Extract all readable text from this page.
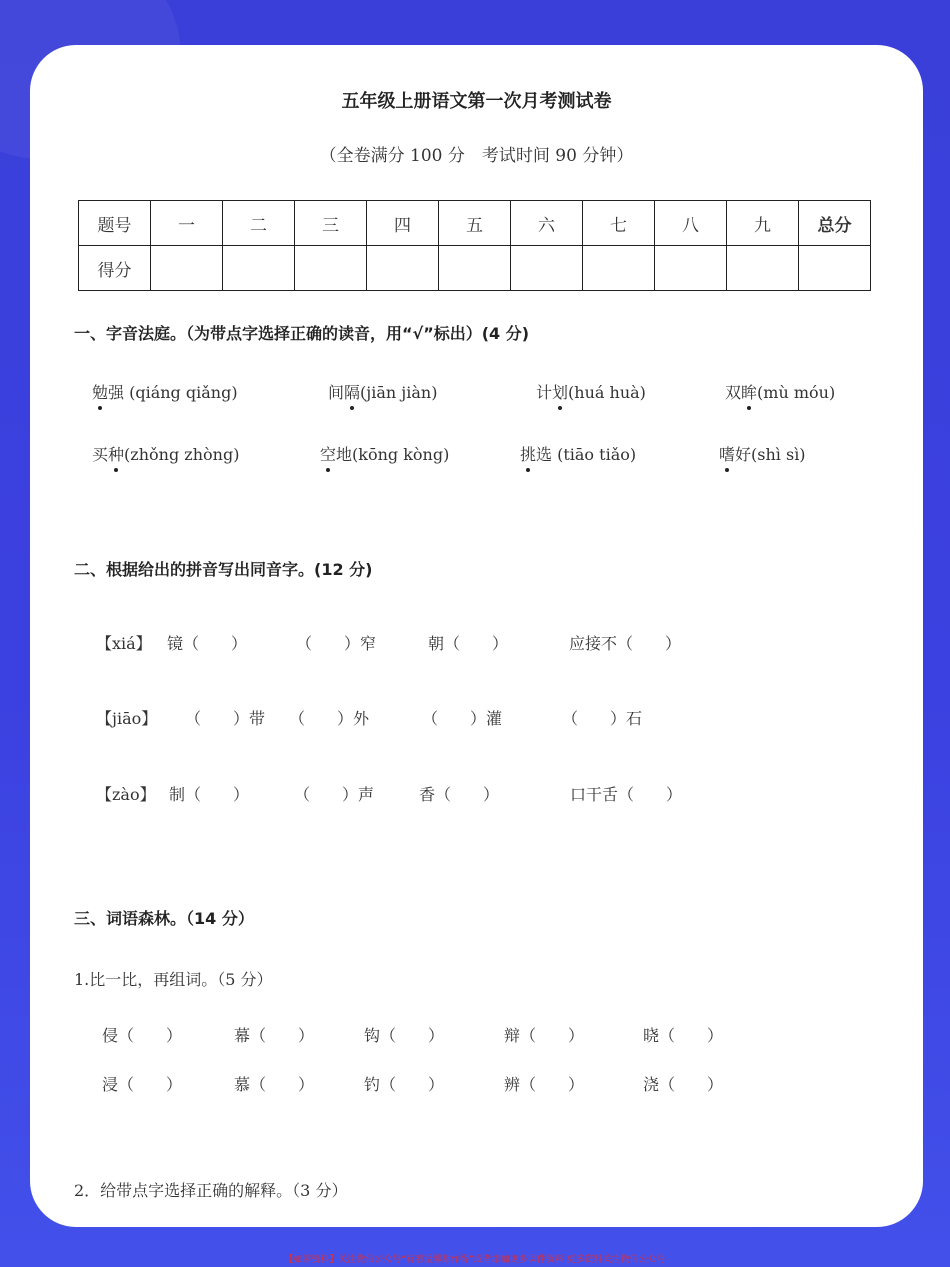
五年级上册语文第一次月考测试卷
（全卷满分 100 分　考试时间 90 分钟）
题号	一	二	三	四	五	六	七	八	九	总分
得分										
一、字音法庭。（为带点字选择正确的读音，用“√”标出）(4 分)
勉强 (qiáng qiǎng)	间隔(jiān jiàn)	计划(huá huà)	双眸(mù móu)
买种(zhǒng zhòng)	空地(kōng kòng)	挑选 (tiāo tiǎo)	嗜好(shì sì)
二、根据给出的拼音写出同音字。(12 分)
【xiá】 镜（　　）	（　　）窄	朝（　　）	应接不（　　）
【jiāo】 （　　）带 （　　）外	（　　）灌	（　　）石
【zào】 制（　　）	（　　）声	香（　　）	口干舌（　　）
三、词语森林。（14 分）
1.比一比，再组词。（5 分）
侵（　　）	幕（　　）	钩（　　）	辩（　　）	晓（　　）
浸（　　）	慕（　　）	钓（　　）	辨（　　）	浇（　　）
2．给带点字选择正确的解释。（3 分）
【如需资料】关注微信公众号“有着温馨甜作得”或者添加更多课件资料 更多资料关注微信公众号
